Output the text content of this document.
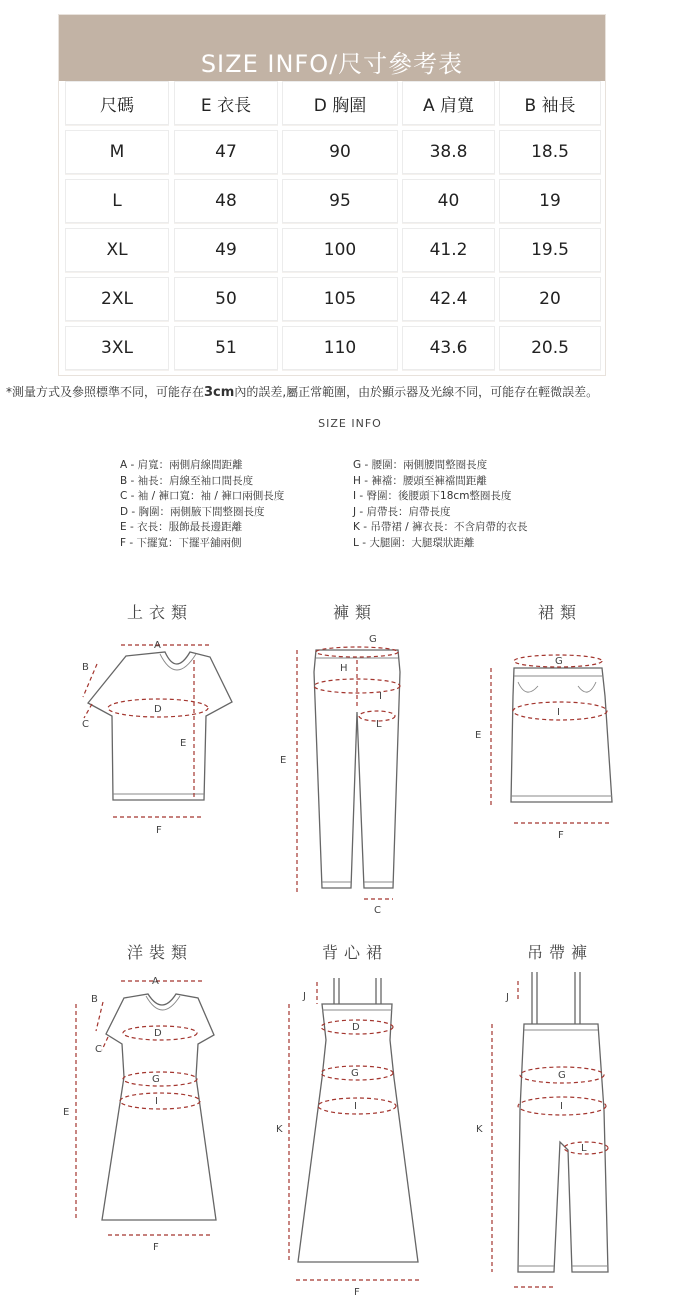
SIZE INFO/尺寸參考表
尺碼	E 衣長	D 胸圍	A 肩寬	B 袖長
M	47	90	38.8	18.5
L	48	95	40	19
XL	49	100	41.2	19.5
2XL	50	105	42.4	20
3XL	51	110	43.6	20.5
*測量方式及參照標準不同，可能存在3cm內的誤差,屬正常範圍，由於顯示器及光線不同，可能存在輕微誤差。
SIZE INFO
A - 肩寬：兩側肩線間距離
B - 袖長：肩線至袖口間長度
C - 袖 / 褲口寬：袖 / 褲口兩側長度
D - 胸圍：兩側腋下間整圈長度
E - 衣長：服飾最長邊距離
F - 下擺寬：下擺平舖兩側
G - 腰圍：兩側腰間整圈長度
H - 褲襠：腰頭至褲襠間距離
I - 臀圍：後腰頭下18cm整圈長度
J - 肩帶長：肩帶長度
K - 吊帶裙 / 褲衣長：不含肩帶的衣長
L - 大腿圍：大腿環狀距離
上衣類	褲類	裙類
洋裝類	背心裙	吊帶褲
A
B
C
D
E
F
G
H
I
L
E
C
G
I
E
F
A
B
C
D
G
I
E
F
J
D
G
I
K
F
J
G
I
L
K
